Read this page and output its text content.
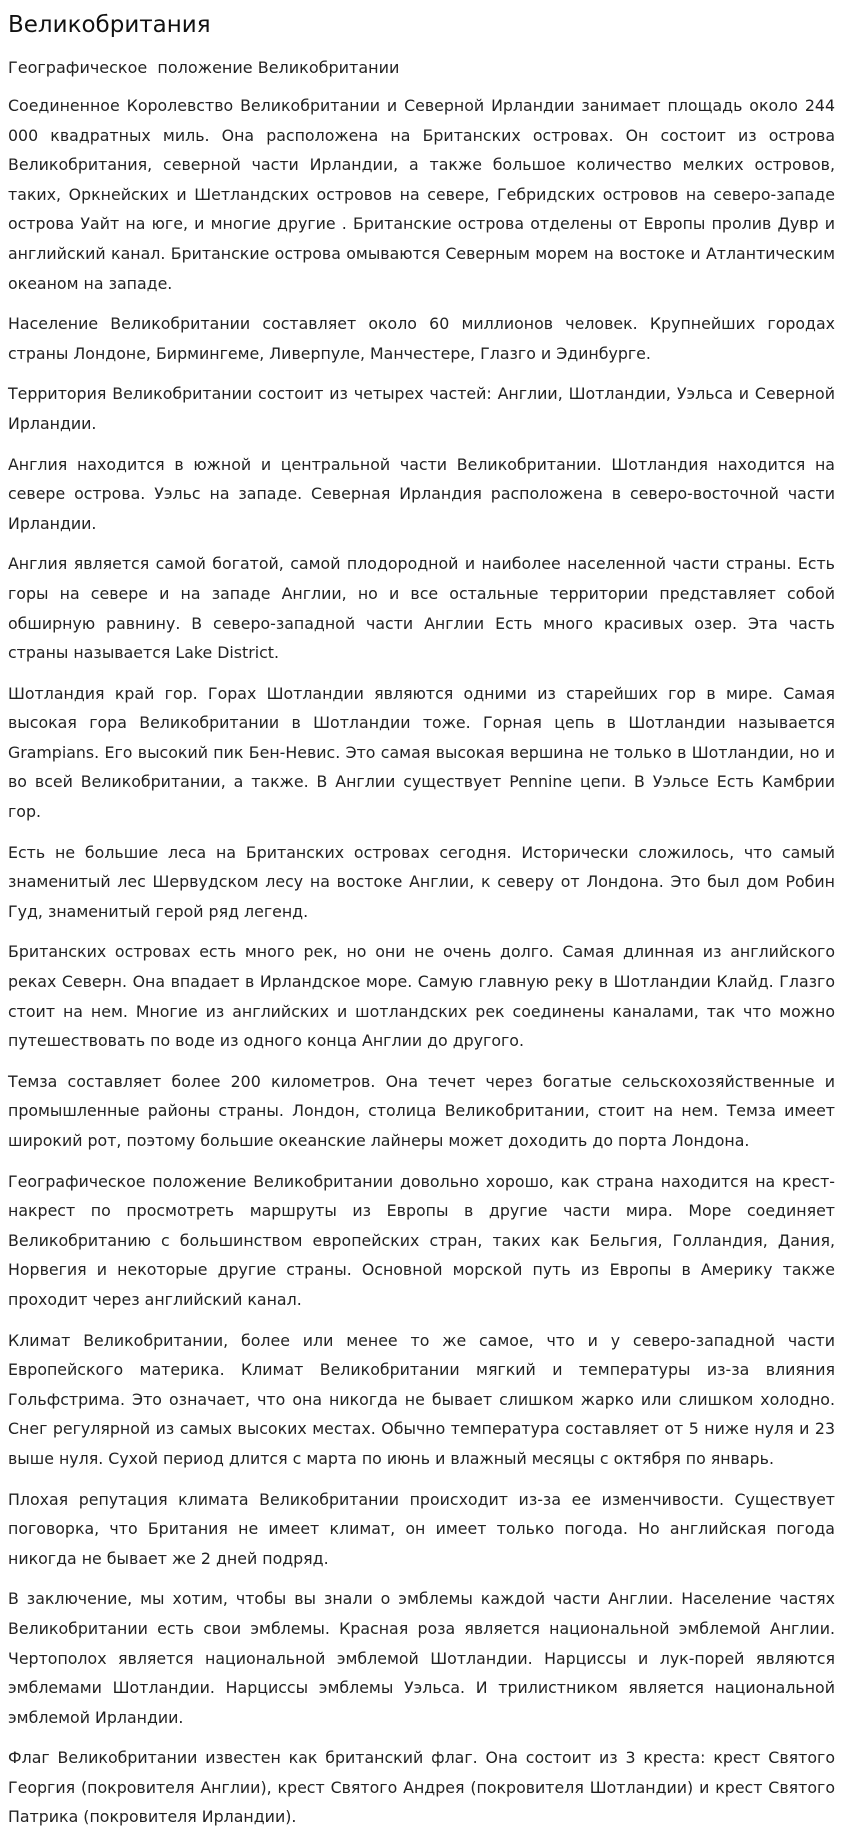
Великобритания
Географическое  положение Великобритании

Соединенное Королевство Великобритании и Северной Ирландии занимает площадь около 244 000 квадратных миль. Она расположена на Британских островах. Он состоит из острова Великобритания, северной части Ирландии, а также большое количество мелких островов, таких, Оркнейских и Шетландских островов на севере, Гебридских островов на северо-западе острова Уайт на юге, и многие другие . Британские острова отделены от Европы пролив Дувр и английский канал. Британские острова омываются Северным морем на востоке и Атлантическим океаном на западе.

Население Великобритании составляет около 60 миллионов человек. Крупнейших городах страны Лондоне, Бирмингеме, Ливерпуле, Манчестере, Глазго и Эдинбурге.

Территория Великобритании состоит из четырех частей: Англии, Шотландии, Уэльса и Северной Ирландии.

Англия находится в южной и центральной части Великобритании. Шотландия находится на севере острова. Уэльс на западе. Северная Ирландия расположена в северо-восточной части Ирландии.

Англия является самой богатой, самой плодородной и наиболее населенной части страны. Есть горы на севере и на западе Англии, но и все остальные территории представляет собой обширную равнину. В северо-западной части Англии Есть много красивых озер. Эта часть страны называется Lake District.

Шотландия край гор. Горах Шотландии являются одними из старейших гор в мире. Самая высокая гора Великобритании в Шотландии тоже. Горная цепь в Шотландии называется Grampians. Его высокий пик Бен-Невис. Это самая высокая вершина не только в Шотландии, но и во всей Великобритании, а также. В Англии существует Pennine цепи. В Уэльсе Есть Камбрии гор.

Есть не большие леса на Британских островах сегодня. Исторически сложилось, что самый знаменитый лес Шервудском лесу на востоке Англии, к северу от Лондона. Это был дом Робин Гуд, знаменитый герой ряд легенд.

Британских островах есть много рек, но они не очень долго. Самая длинная из английского реках Северн. Она впадает в Ирландское море. Самую главную реку в Шотландии Клайд. Глазго стоит на нем. Многие из английских и шотландских рек соединены каналами, так что можно путешествовать по воде из одного конца Англии до другого.

Темза составляет более 200 километров. Она течет через богатые сельскохозяйственные и промышленные районы страны. Лондон, столица Великобритании, стоит на нем. Темза имеет широкий рот, поэтому большие океанские лайнеры может доходить до порта Лондона.

Географическое положение Великобритании довольно хорошо, как страна находится на крест-накрест по просмотреть маршруты из Европы в другие части мира. Море соединяет Великобританию с большинством европейских стран, таких как Бельгия, Голландия, Дания, Норвегия и некоторые другие страны. Основной морской путь из Европы в Америку также проходит через английский канал.

Климат Великобритании, более или менее то же самое, что и у северо-западной части Европейского материка. Климат Великобритании мягкий и температуры из-за влияния Гольфстрима. Это означает, что она никогда не бывает слишком жарко или слишком холодно. Снег регулярной из самых высоких местах. Обычно температура составляет от 5 ниже нуля и 23 выше нуля. Сухой период длится с марта по июнь и влажный месяцы с октября по январь.

Плохая репутация климата Великобритании происходит из-за ее изменчивости. Существует поговорка, что Британия не имеет климат, он имеет только погода. Но английская погода никогда не бывает же 2 дней подряд.

В заключение, мы хотим, чтобы вы знали о эмблемы каждой части Англии. Население частях Великобритании есть свои эмблемы. Красная роза является национальной эмблемой Англии. Чертополох является национальной эмблемой Шотландии. Нарциссы и лук-порей являются эмблемами Шотландии. Нарциссы эмблемы Уэльса. И трилистником является национальной эмблемой Ирландии.

Флаг Великобритании известен как британский флаг. Она состоит из 3 креста: крест Святого Георгия (покровителя Англии), крест Святого Андрея (покровителя Шотландии) и крест Святого Патрика (покровителя Ирландии).
